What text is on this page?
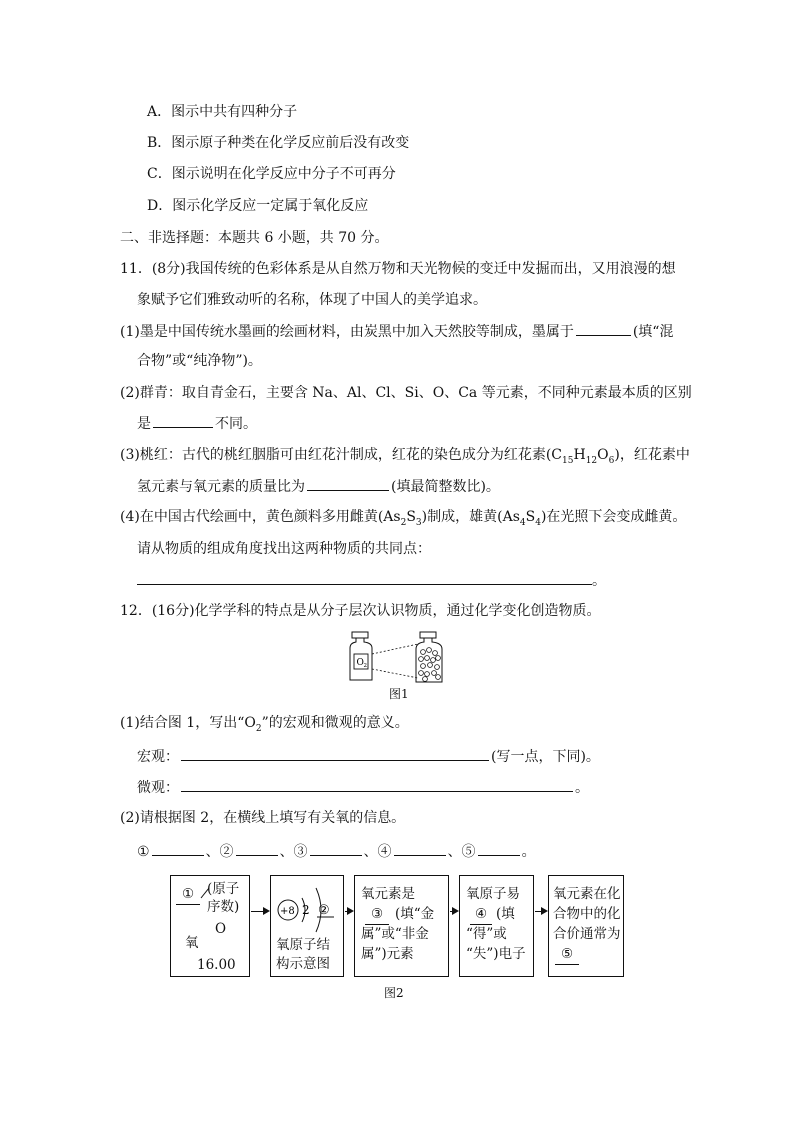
A．图示中共有四种分子
B．图示原子种类在化学反应前后没有改变
C．图示说明在化学反应中分子不可再分
D．图示化学反应一定属于氧化反应
二、非选择题：本题共 6 小题，共 70 分。
11．(8分)我国传统的色彩体系是从自然万物和天光物候的变迁中发掘而出，又用浪漫的想
象赋予它们雅致动听的名称，体现了中国人的美学追求。
(1)墨是中国传统水墨画的绘画材料，由炭黑中加入天然胶等制成，墨属于	(填“混
合物”或“纯净物”)。
(2)群青：取自青金石，主要含 Na、Al、Cl、Si、O、Ca 等元素，不同种元素最本质的区别
是	不同。
(3)桃红：古代的桃红胭脂可由红花汁制成，红花的染色成分为红花素$(C_{15}H_{12}O_6)$，红花素中
氢元素与氧元素的质量比为	(填最简整数比)。
(4)在中国古代绘画中，黄色颜料多用雌黄$(As_2S_3)$制成，雄黄$(As_4S_4)$在光照下会变成雌黄。
请从物质的组成角度找出这两种物质的共同点：
。
12．(16分)化学学科的特点是从分子层次认识物质，通过化学变化创造物质。
O 2
图1
(1)结合图 1，写出“$O_2$”的宏观和微观的意义。
宏观：	(写一点，下同)。
微观：	。
(2)请根据图 2，在横线上填写有关氧的信息。
①	、②	、③	、④	、⑤	。
① (原子
序数)
O
氧
16.00
+8 2 ②
氧原子结
构示意图
氧元素是
③ (填“金
属”或“非金
属”)元素
氧原子易
④ (填
“得”或
“失”)电子
氧元素在化
合物中的化
合价通常为
⑤
图2
